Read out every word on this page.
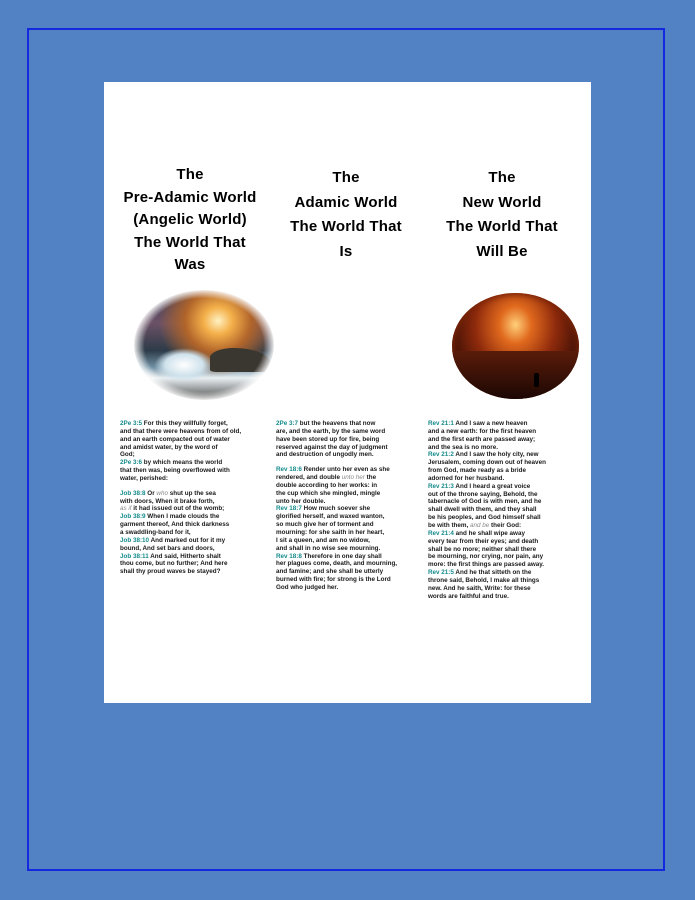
The
Pre-Adamic World
(Angelic World)
The World That
Was
2Pe 3:5 For this they willfully forget,
and that there were heavens from of old,
and an earth compacted out of water
and amidst water, by the word of
God;
2Pe 3:6 by which means the world
that then was, being overflowed with
water, perished:
Job 38:8 Or who shut up the sea
with doors, When it brake forth,
as if it had issued out of the womb;
Job 38:9 When I made clouds the
garment thereof, And thick darkness
a swaddling-band for it,
Job 38:10 And marked out for it my
bound, And set bars and doors,
Job 38:11 And said, Hitherto shalt
thou come, but no further; And here
shall thy proud waves be stayed?
The
Adamic World
The World That
Is
2Pe 3:7 but the heavens that now
are, and the earth, by the same word
have been stored up for fire, being
reserved against the day of judgment
and destruction of ungodly men.
Rev 18:6 Render unto her even as she
rendered, and double unto her the
double according to her works: in
the cup which she mingled, mingle
unto her double.
Rev 18:7 How much soever she
glorified herself, and waxed wanton,
so much give her of torment and
mourning: for she saith in her heart,
I sit a queen, and am no widow,
and shall in no wise see mourning.
Rev 18:8 Therefore in one day shall
her plagues come, death, and mourning,
and famine; and she shall be utterly
burned with fire; for strong is the Lord
God who judged her.
The
New World
The World That
Will Be
Rev 21:1 And I saw a new heaven
and a new earth: for the first heaven
and the first earth are passed away;
and the sea is no more.
Rev 21:2 And I saw the holy city, new
Jerusalem, coming down out of heaven
from God, made ready as a bride
adorned for her husband.
Rev 21:3 And I heard a great voice
out of the throne saying, Behold, the
tabernacle of God is with men, and he
shall dwell with them, and they shall
be his peoples, and God himself shall
be with them, and be their God:
Rev 21:4 and he shall wipe away
every tear from their eyes; and death
shall be no more; neither shall there
be mourning, nor crying, nor pain, any
more: the first things are passed away.
Rev 21:5 And he that sitteth on the
throne said, Behold, I make all things
new. And he saith, Write: for these
words are faithful and true.
